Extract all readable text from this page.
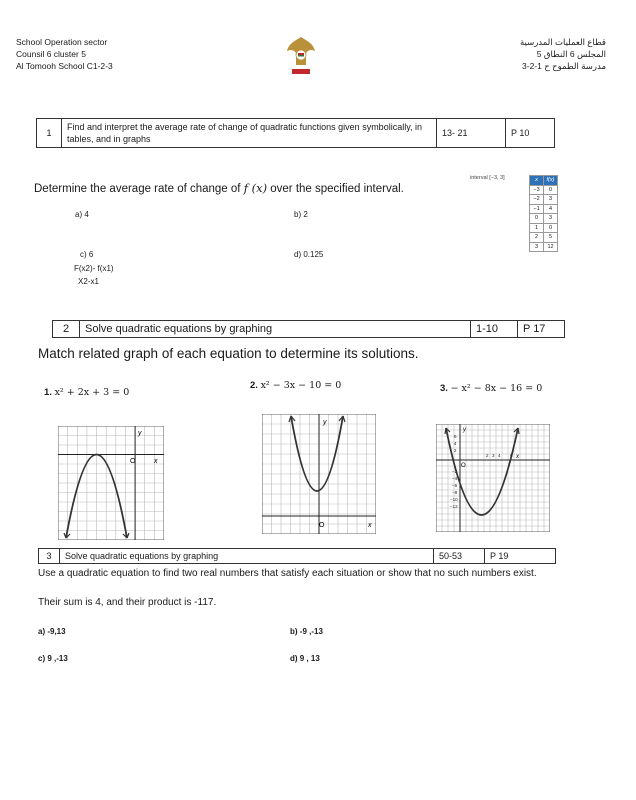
School Operation sector
Counsil 6 cluster 5
Al Tomooh School C1-2-3
قطاع العمليات المدرسية
المجلس 6 النطاق 5
مدرسة الطموح ح 1-2-3
1	Find and interpret the average rate of change of quadratic functions given symbolically, in tables, and in graphs	13- 21	P 10
Determine the average rate of change of f (x) over the specified interval.
interval [−3, 3]	x	f(x)
−3	0
−2	3
−1	4
0	3
1	0
2	5
3	12
a) 4	b) 2
c) 6	d) 0.125
F(x2)- f(x1)
X2-x1
2	Solve quadratic equations by graphing	1-10	P 17
Match related graph of each equation to determine its solutions.
1. x² + 2x + 3 = 0
2. x² − 3x − 10 = 0	3. − x² − 8x − 16 = 0
y
O	x
y
O	x
y
O
6
4
2
−2
−4
−6
−8
−10
−12
2 3 4 6 x
3	Solve quadratic equations by graphing	50-53	P 19
Use a quadratic equation to find two real numbers that satisfy each situation or show that no such numbers exist.
Their sum is 4, and their product is -117.
a) -9,13	b) -9 ,-13
c) 9 ,-13	d) 9 , 13
